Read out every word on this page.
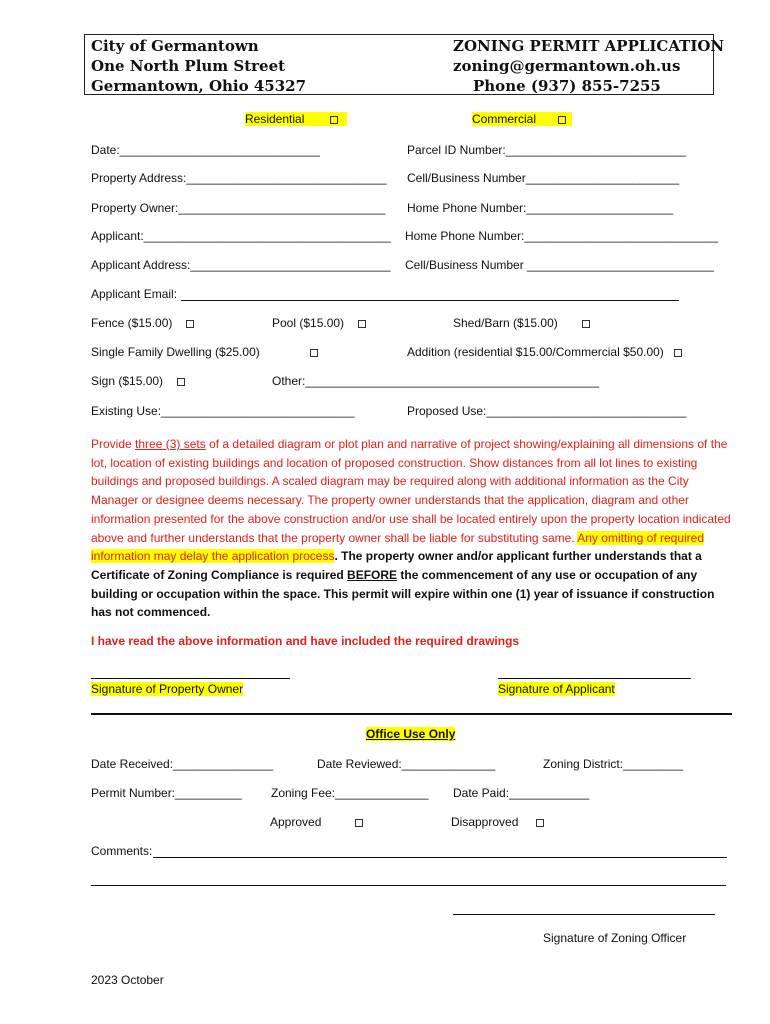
City of Germantown
One North Plum Street
Germantown, Ohio 45327
ZONING PERMIT APPLICATION
zoning@germantown.oh.us
Phone (937) 855-7255
Residential	Commercial
Date:______________________________	Parcel ID Number:___________________________
Property Address:______________________________ Cell/Business Number_______________________
Property Owner:_______________________________ Home Phone Number:______________________
Applicant:_____________________________________ Home Phone Number:_____________________________
Applicant Address:______________________________ Cell/Business Number ____________________________
Applicant Email:
Fence ($15.00)	Pool ($15.00)	Shed/Barn ($15.00)
Single Family Dwelling ($25.00)	Addition (residential $15.00/Commercial $50.00)
Sign ($15.00)	Other:____________________________________________
Existing Use:_____________________________	Proposed Use:______________________________
Provide three (3) sets of a detailed diagram or plot plan and narrative of project showing/explaining all dimensions of the lot, location of existing buildings and location of proposed construction. Show distances from all lot lines to existing buildings and proposed buildings. A scaled diagram may be required along with additional information as the City Manager or designee deems necessary. The property owner understands that the application, diagram and other information presented for the above construction and/or use shall be located entirely upon the property location indicated above and further understands that the property owner shall be liable for substituting same. Any omitting of required information may delay the application process. The property owner and/or applicant further understands that a Certificate of Zoning Compliance is required BEFORE the commencement of any use or occupation of any building or occupation within the space. This permit will expire within one (1) year of issuance if construction has not commenced.
I have read the above information and have included the required drawings
Signature of Property Owner	Signature of Applicant
Office Use Only
Date Received:_______________	Date Reviewed:______________	Zoning District:_________
Permit Number:__________ Zoning Fee:______________ Date Paid:____________
Approved	Disapproved
Comments:
Signature of Zoning Officer
2023 October
